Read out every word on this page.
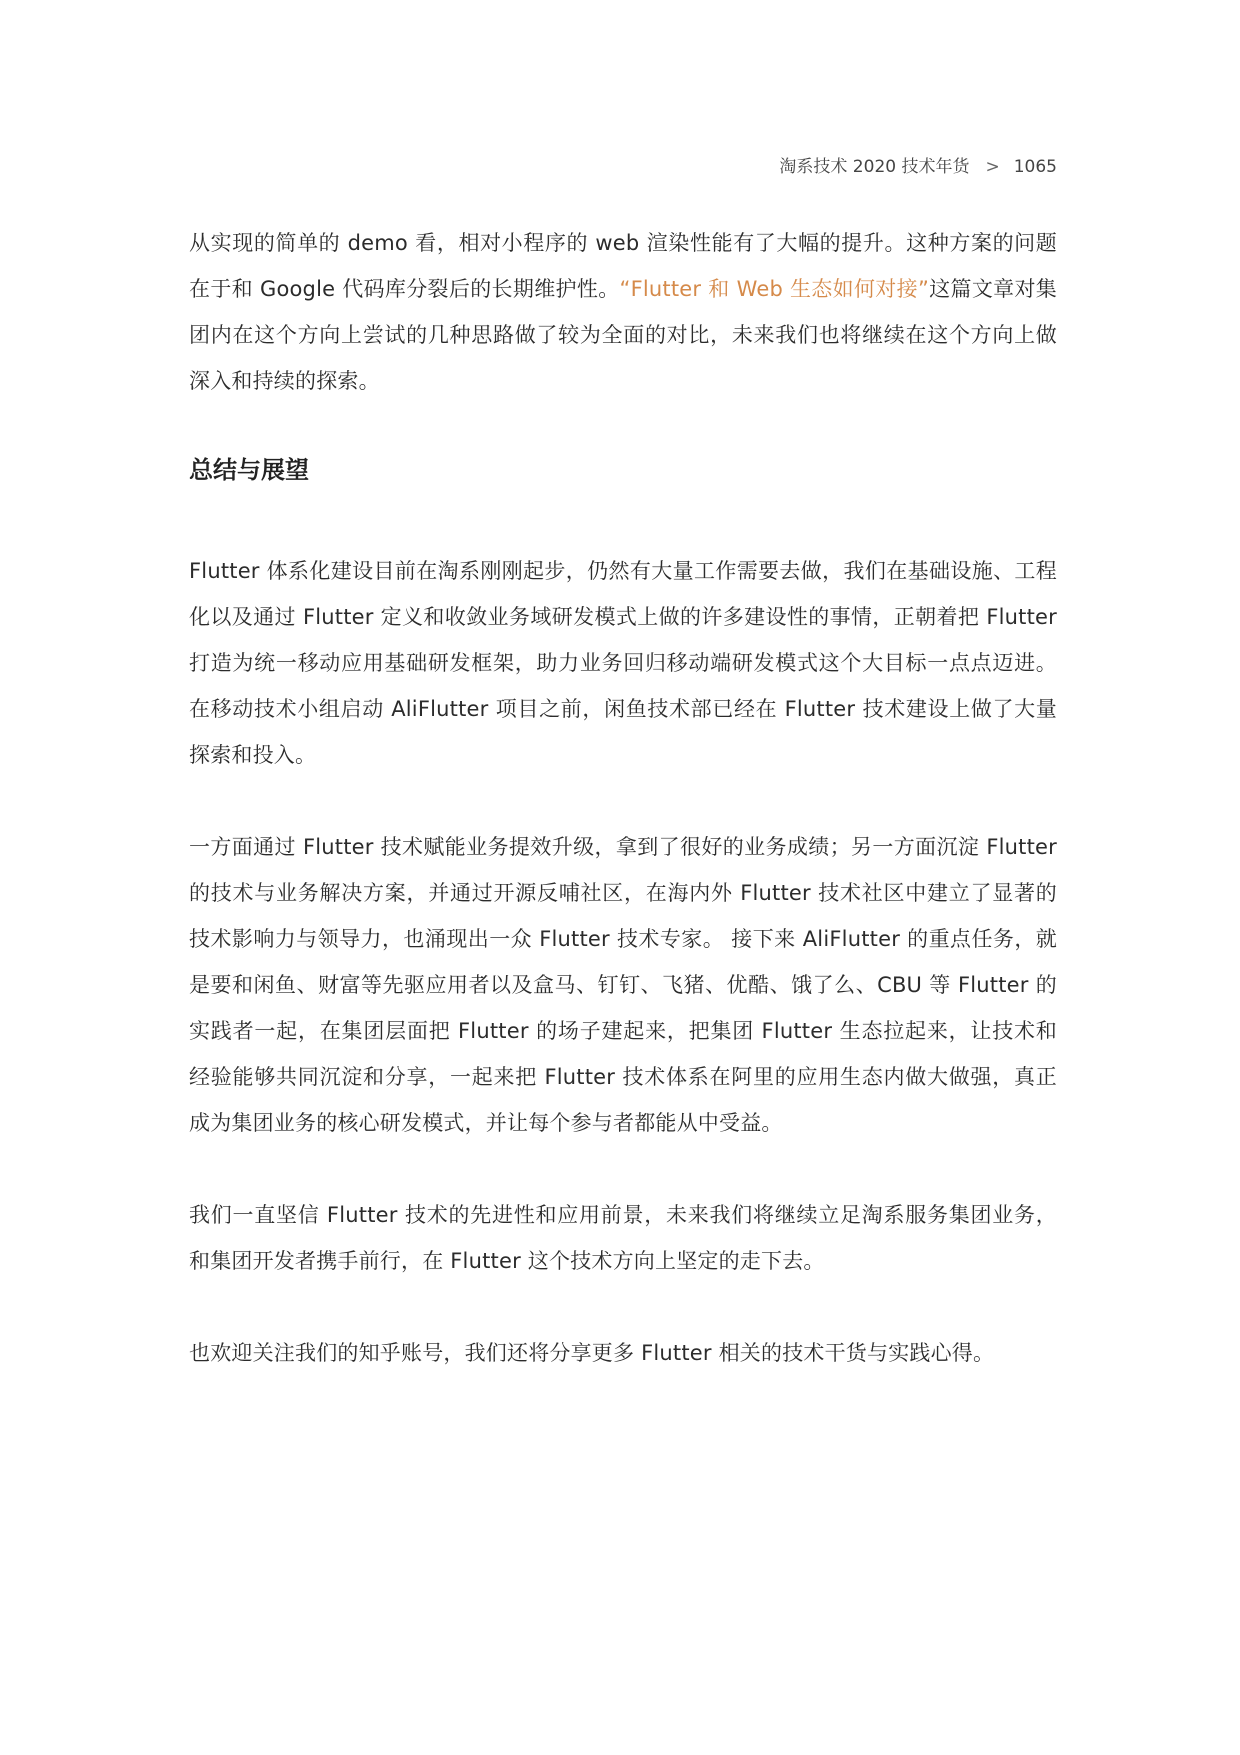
淘系技术 2020 技术年货 > 1065

从实现的简单的 demo 看，相对小程序的 web 渲染性能有了大幅的提升。这种方案的问题在于和 Google 代码库分裂后的长期维护性。“Flutter 和 Web 生态如何对接”这篇文章对集团内在这个方向上尝试的几种思路做了较为全面的对比，未来我们也将继续在这个方向上做深入和持续的探索。

总结与展望

Flutter 体系化建设目前在淘系刚刚起步，仍然有大量工作需要去做，我们在基础设施、工程化以及通过 Flutter 定义和收敛业务域研发模式上做的许多建设性的事情，正朝着把 Flutter 打造为统一移动应用基础研发框架，助力业务回归移动端研发模式这个大目标一点点迈进。 在移动技术小组启动 AliFlutter 项目之前，闲鱼技术部已经在 Flutter 技术建设上做了大量探索和投入。

一方面通过 Flutter 技术赋能业务提效升级，拿到了很好的业务成绩；另一方面沉淀 Flutter 的技术与业务解决方案，并通过开源反哺社区，在海内外 Flutter 技术社区中建立了显著的技术影响力与领导力，也涌现出一众 Flutter 技术专家。 接下来 AliFlutter 的重点任务，就是要和闲鱼、财富等先驱应用者以及盒马、钉钉、飞猪、优酷、饿了么、CBU 等 Flutter 的实践者一起，在集团层面把 Flutter 的场子建起来，把集团 Flutter 生态拉起来，让技术和经验能够共同沉淀和分享，一起来把 Flutter 技术体系在阿里的应用生态内做大做强，真正成为集团业务的核心研发模式，并让每个参与者都能从中受益。

我们一直坚信 Flutter 技术的先进性和应用前景，未来我们将继续立足淘系服务集团业务，和集团开发者携手前行，在 Flutter 这个技术方向上坚定的走下去。

也欢迎关注我们的知乎账号，我们还将分享更多 Flutter 相关的技术干货与实践心得。
